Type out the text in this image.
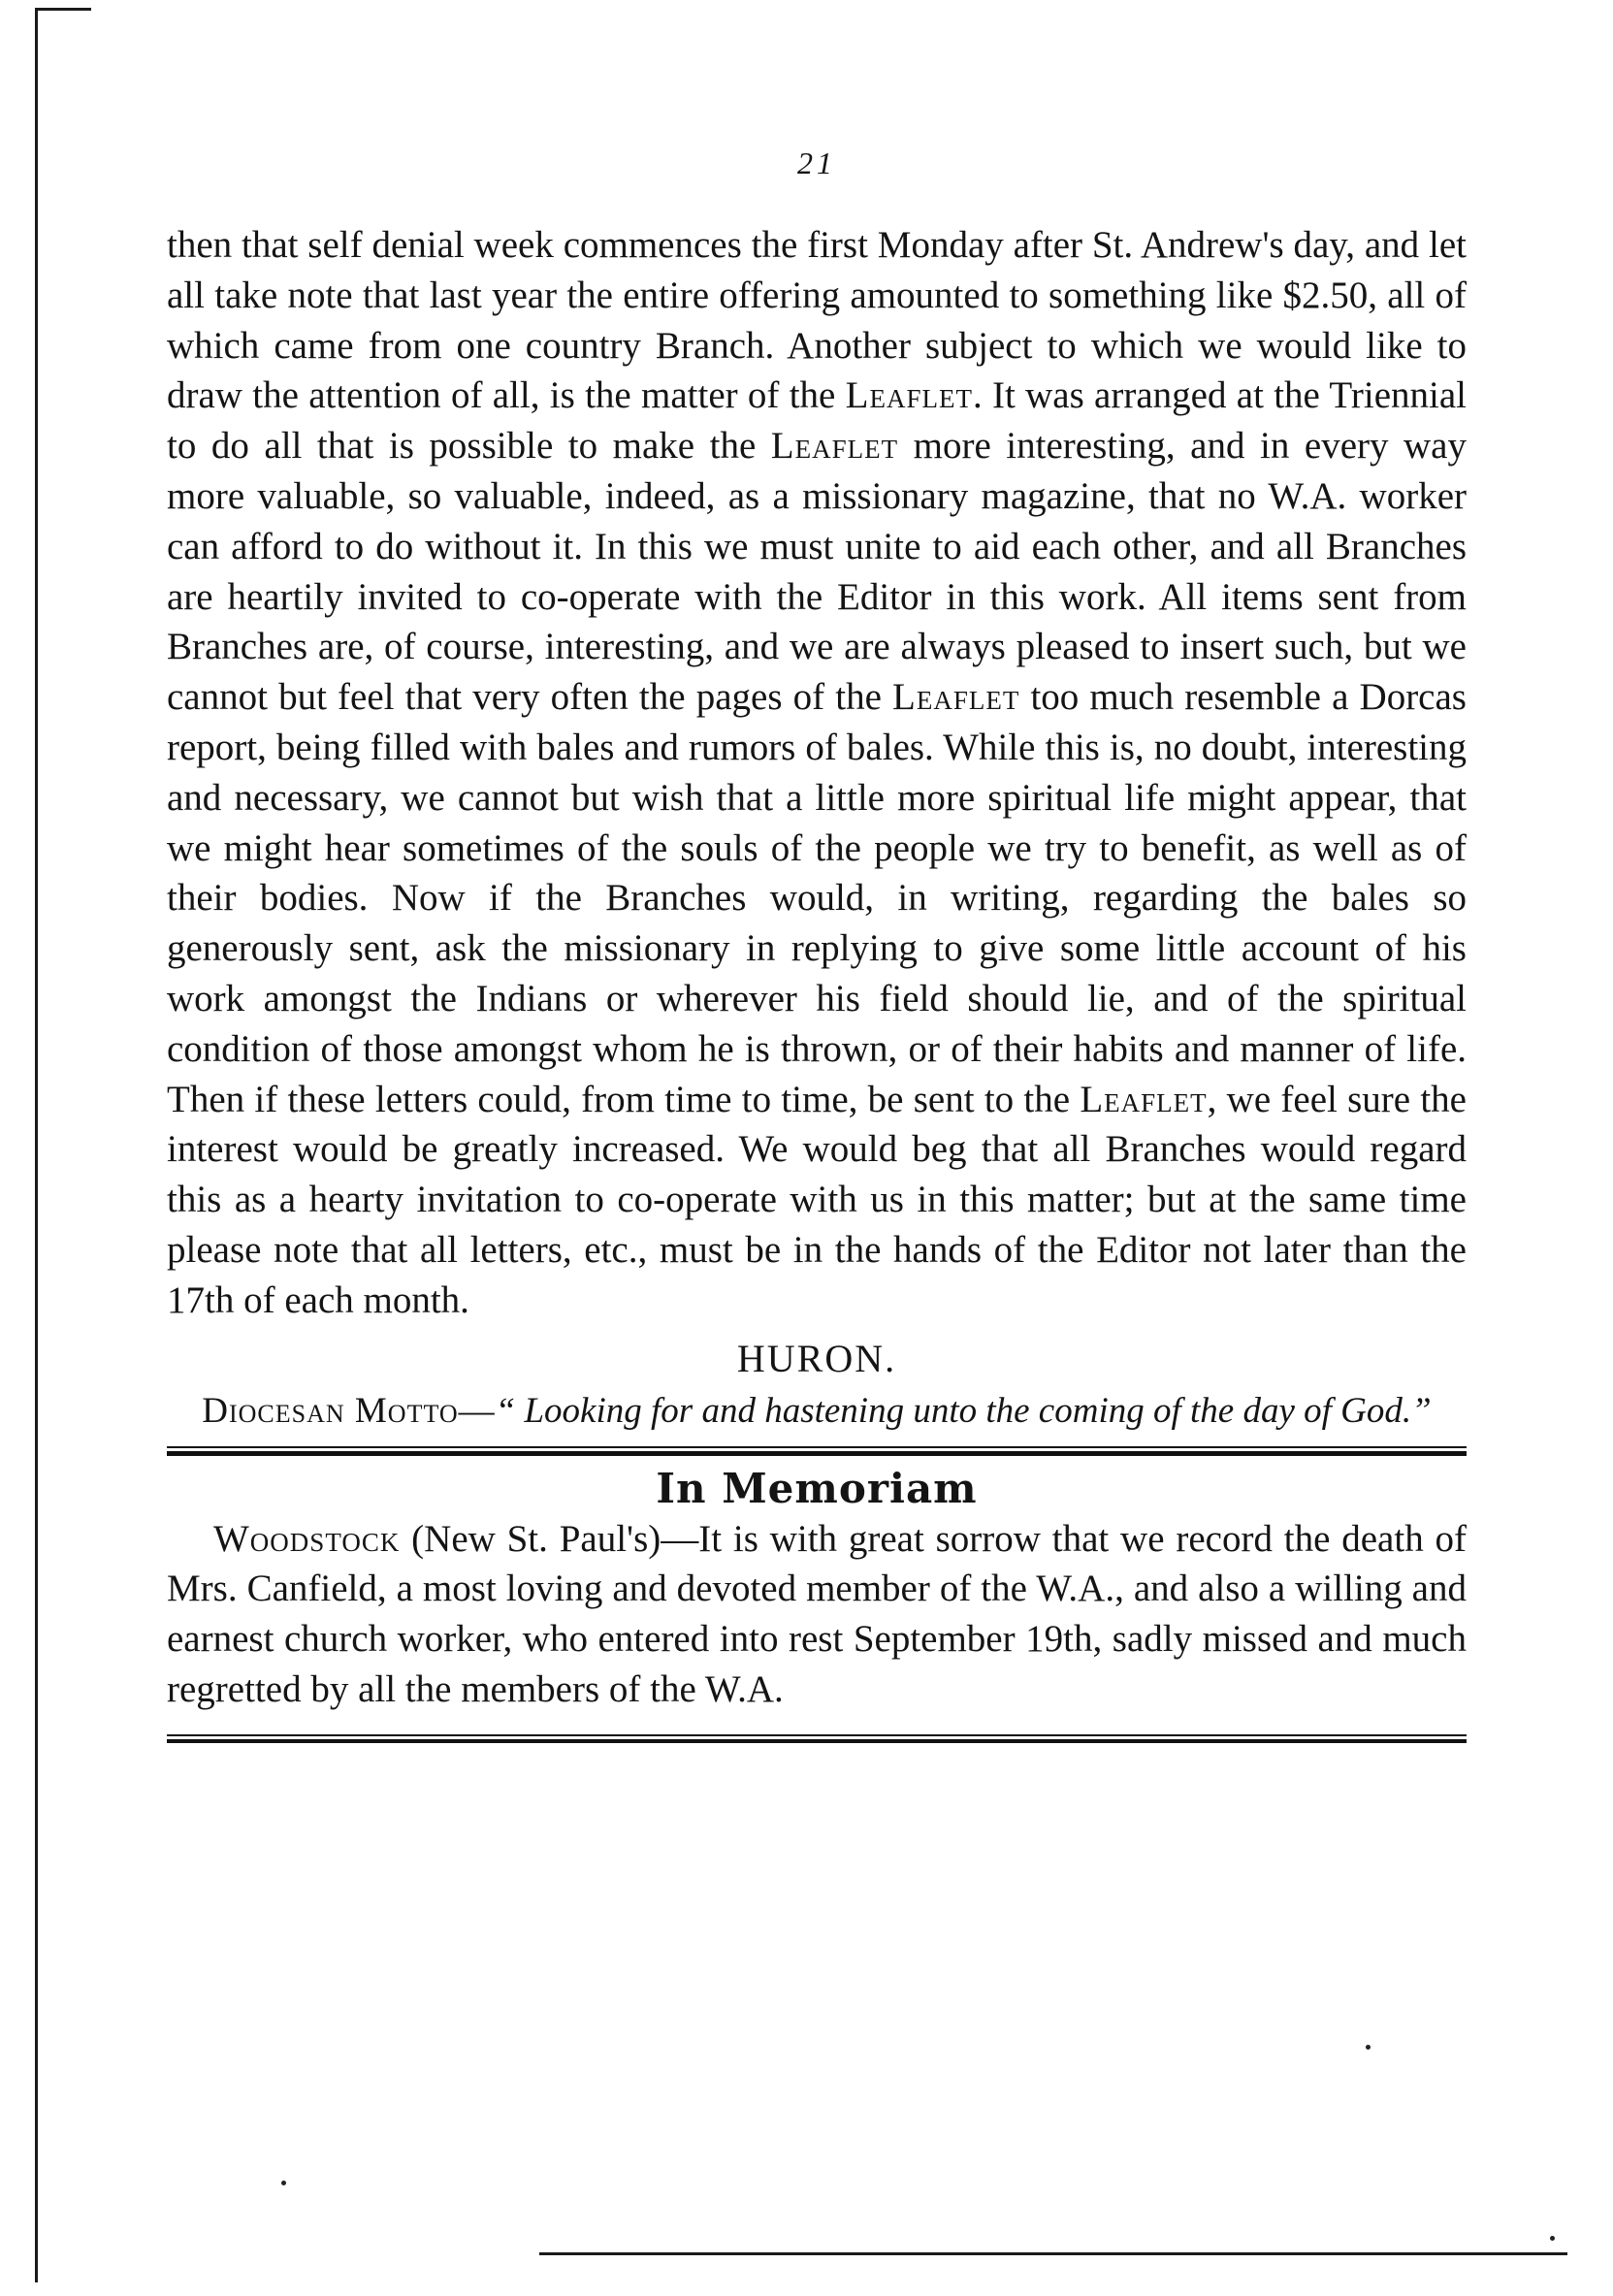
21

then that self denial week commences the first Monday after St. Andrew's day, and let all take note that last year the entire offering amounted to something like $2.50, all of which came from one country Branch. Another subject to which we would like to draw the attention of all, is the matter of the Leaflet. It was arranged at the Triennial to do all that is possible to make the Leaflet more interesting, and in every way more valuable, so valuable, indeed, as a missionary magazine, that no W.A. worker can afford to do without it. In this we must unite to aid each other, and all Branches are heartily invited to co-operate with the Editor in this work. All items sent from Branches are, of course, interesting, and we are always pleased to insert such, but we cannot but feel that very often the pages of the Leaflet too much resemble a Dorcas report, being filled with bales and rumors of bales. While this is, no doubt, interesting and necessary, we cannot but wish that a little more spiritual life might appear, that we might hear sometimes of the souls of the people we try to benefit, as well as of their bodies. Now if the Branches would, in writing, regarding the bales so generously sent, ask the missionary in replying to give some little account of his work amongst the Indians or wherever his field should lie, and of the spiritual condition of those amongst whom he is thrown, or of their habits and manner of life. Then if these letters could, from time to time, be sent to the Leaflet, we feel sure the interest would be greatly increased. We would beg that all Branches would regard this as a hearty invitation to co-operate with us in this matter; but at the same time please note that all letters, etc., must be in the hands of the Editor not later than the 17th of each month.

HURON.

Diocesan Motto—“ Looking for and hastening unto the coming of the day of God.”

In Memoriam

Woodstock (New St. Paul's)—It is with great sorrow that we record the death of Mrs. Canfield, a most loving and devoted member of the W.A., and also a willing and earnest church worker, who entered into rest September 19th, sadly missed and much regretted by all the members of the W.A.
